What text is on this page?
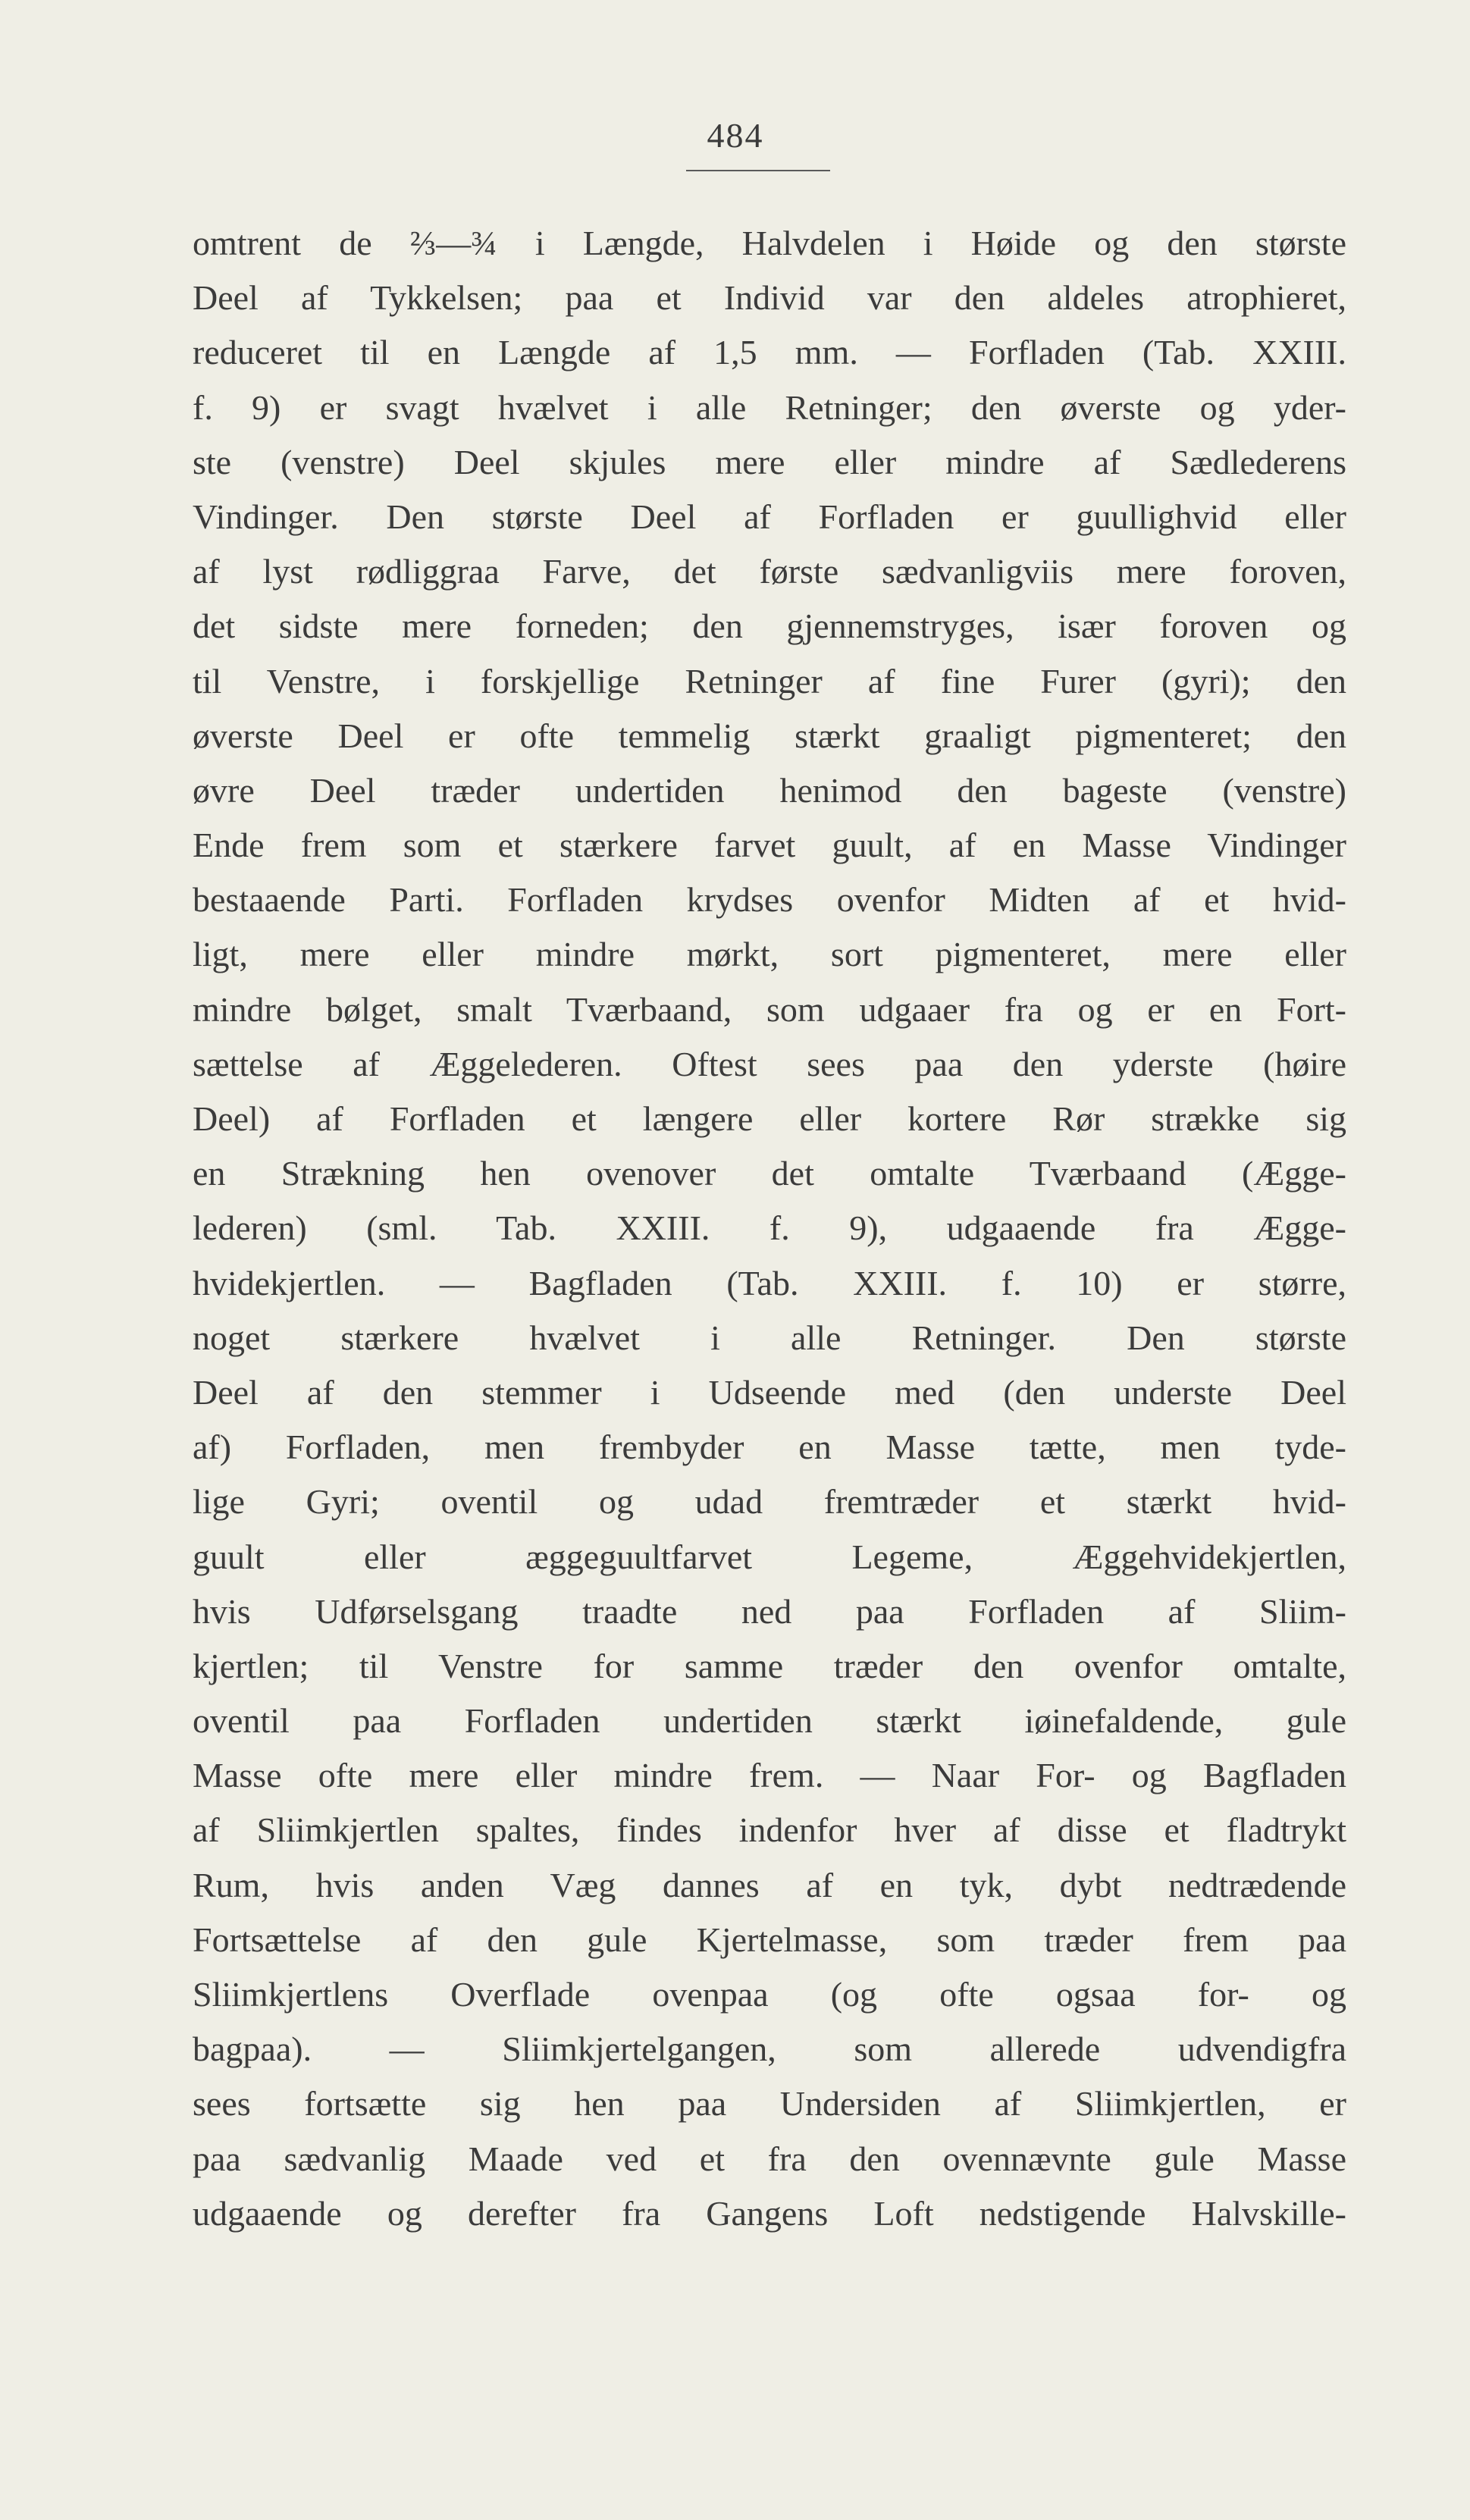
484
omtrent de ⅔—¾ i Længde, Halvdelen i Høide og den største
Deel af Tykkelsen; paa et Individ var den aldeles atrophieret,
reduceret til en Længde af 1,5 mm. — Forfladen (Tab. XXIII.
f. 9) er svagt hvælvet i alle Retninger; den øverste og yder-
ste (venstre) Deel skjules mere eller mindre af Sædlederens
Vindinger. Den største Deel af Forfladen er guullighvid eller
af lyst rødliggraa Farve, det første sædvanligviis mere foroven,
det sidste mere forneden; den gjennemstryges, især foroven og
til Venstre, i forskjellige Retninger af fine Furer (gyri); den
øverste Deel er ofte temmelig stærkt graaligt pigmenteret; den
øvre Deel træder undertiden henimod den bageste (venstre)
Ende frem som et stærkere farvet guult, af en Masse Vindinger
bestaaende Parti. Forfladen krydses ovenfor Midten af et hvid-
ligt, mere eller mindre mørkt, sort pigmenteret, mere eller
mindre bølget, smalt Tværbaand, som udgaaer fra og er en Fort-
sættelse af Æggelederen. Oftest sees paa den yderste (høire
Deel) af Forfladen et længere eller kortere Rør strække sig
en Strækning hen ovenover det omtalte Tværbaand (Ægge-
lederen) (sml. Tab. XXIII. f. 9), udgaaende fra Ægge-
hvidekjertlen. — Bagfladen (Tab. XXIII. f. 10) er større,
noget stærkere hvælvet i alle Retninger. Den største
Deel af den stemmer i Udseende med (den underste Deel
af) Forfladen, men frembyder en Masse tætte, men tyde-
lige Gyri; oventil og udad fremtræder et stærkt hvid-
guult eller æggeguultfarvet Legeme, Æggehvidekjertlen,
hvis Udførselsgang traadte ned paa Forfladen af Sliim-
kjertlen; til Venstre for samme træder den ovenfor omtalte,
oventil paa Forfladen undertiden stærkt iøinefaldende, gule
Masse ofte mere eller mindre frem. — Naar For- og Bagfladen
af Sliimkjertlen spaltes, findes indenfor hver af disse et fladtrykt
Rum, hvis anden Væg dannes af en tyk, dybt nedtrædende
Fortsættelse af den gule Kjertelmasse, som træder frem paa
Sliimkjertlens Overflade ovenpaa (og ofte ogsaa for- og
bagpaa). — Sliimkjertelgangen, som allerede udvendigfra
sees fortsætte sig hen paa Undersiden af Sliimkjertlen, er
paa sædvanlig Maade ved et fra den ovennævnte gule Masse
udgaaende og derefter fra Gangens Loft nedstigende Halvskille-
